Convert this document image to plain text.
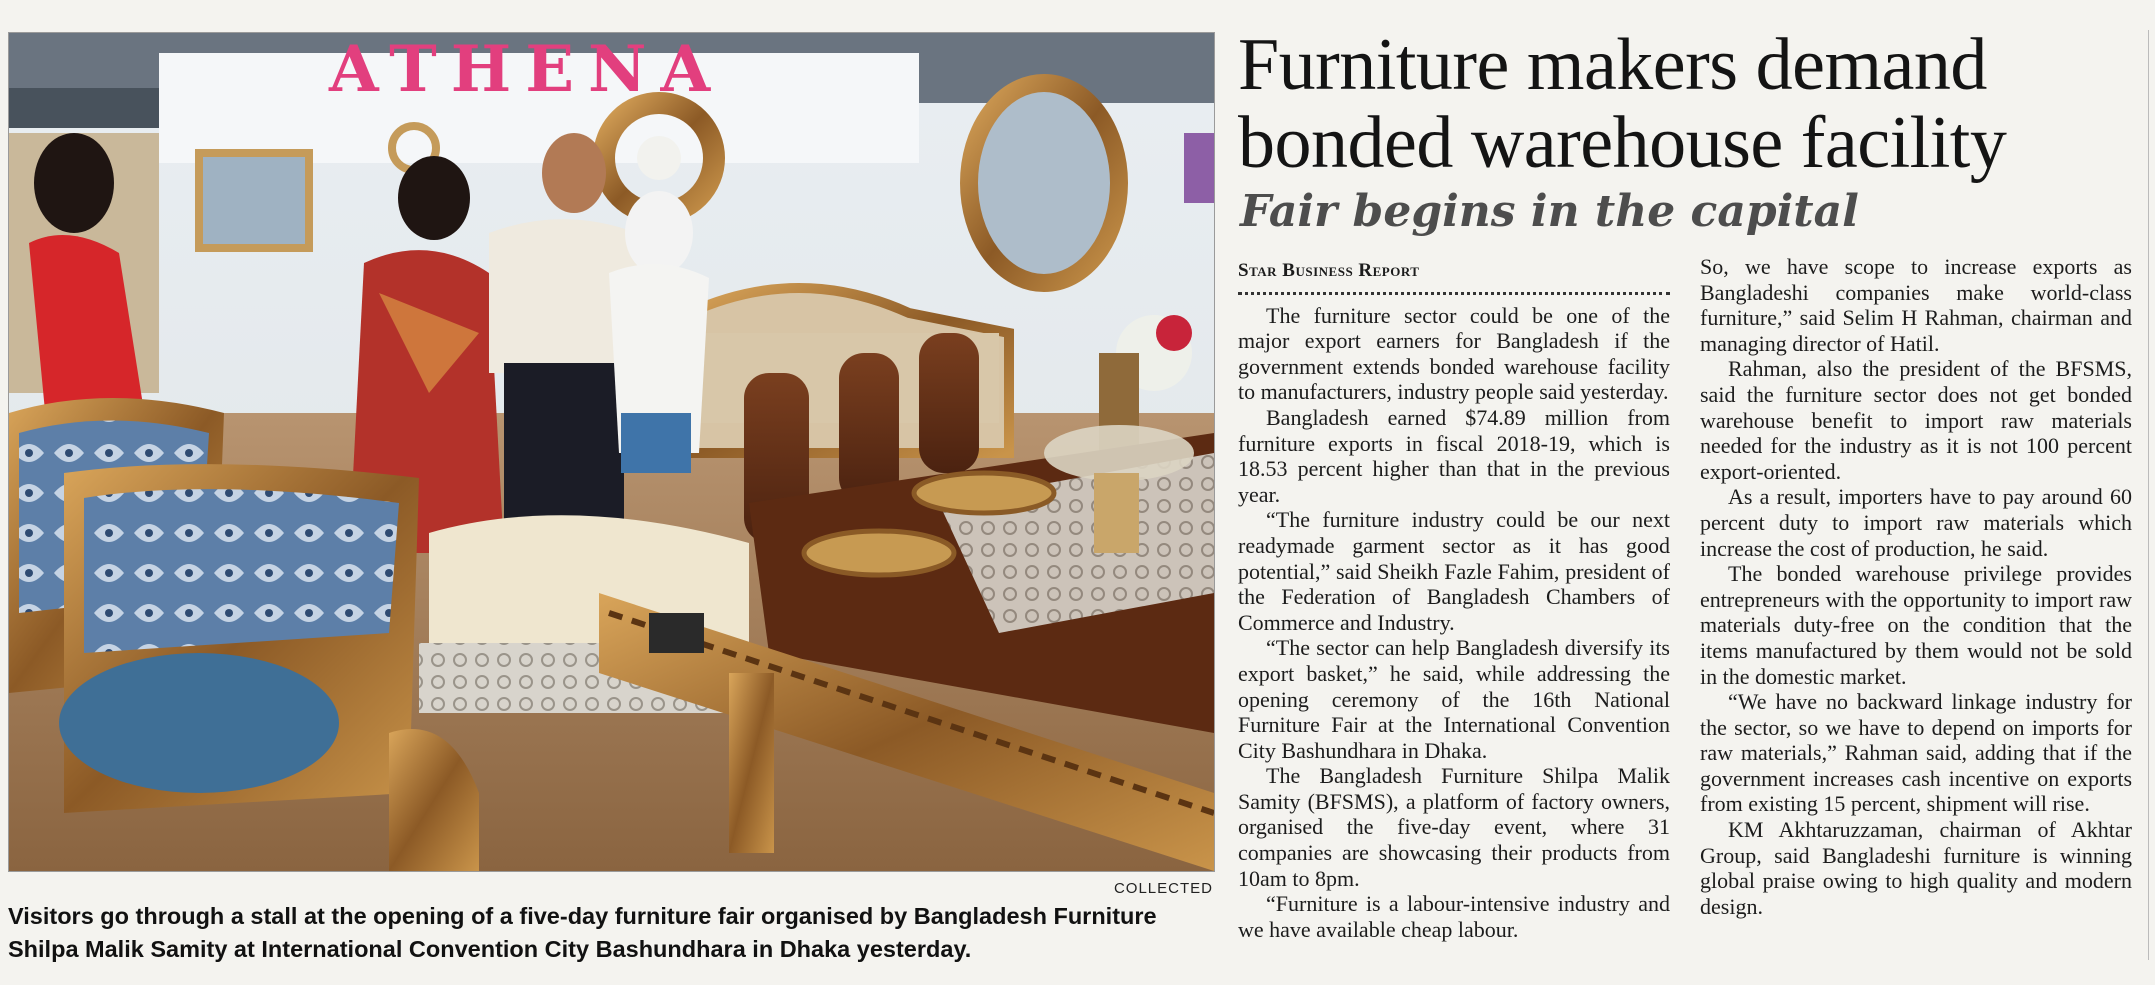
ATHENA
COLLECTED
Visitors go through a stall at the opening of a five-day furniture fair organised by Bangladesh Furniture Shilpa Malik Samity at International Convention City Bashundhara in Dhaka yesterday.
Furniture makers demand bonded warehouse facility
Fair begins in the capital

Star Business Report

The furniture sector could be one of the major export earners for Bangladesh if the government extends bonded warehouse facility to manufacturers, industry people said yesterday.

Bangladesh earned $74.89 million from furniture exports in fiscal 2018-19, which is 18.53 percent higher than that in the previous year.

“The furniture industry could be our next readymade garment sector as it has good potential,” said Sheikh Fazle Fahim, president of the Federation of Bangladesh Chambers of Commerce and Industry.

“The sector can help Bangladesh diversify its export basket,” he said, while addressing the opening ceremony of the 16th National Furniture Fair at the International Convention City Bashundhara in Dhaka.

The Bangladesh Furniture Shilpa Malik Samity (BFSMS), a platform of factory owners, organised the five-day event, where 31 companies are showcasing their products from 10am to 8pm.

“Furniture is a labour-intensive industry and we have available cheap labour.

So, we have scope to increase exports as Bangladeshi companies make world-class furniture,” said Selim H Rahman, chairman and managing director of Hatil.

Rahman, also the president of the BFSMS, said the furniture sector does not get bonded warehouse benefit to import raw materials needed for the industry as it is not 100 percent export-oriented.

As a result, importers have to pay around 60 percent duty to import raw materials which increase the cost of production, he said.

The bonded warehouse privilege provides entrepreneurs with the opportunity to import raw materials duty-free on the condition that the items manufactured by them would not be sold in the domestic market.

“We have no backward linkage industry for the sector, so we have to depend on imports for raw materials,” Rahman said, adding that if the government increases cash incentive on exports from existing 15 percent, shipment will rise.

KM Akhtaruzzaman, chairman of Akhtar Group, said Bangladeshi furniture is winning global praise owing to high quality and modern design.
